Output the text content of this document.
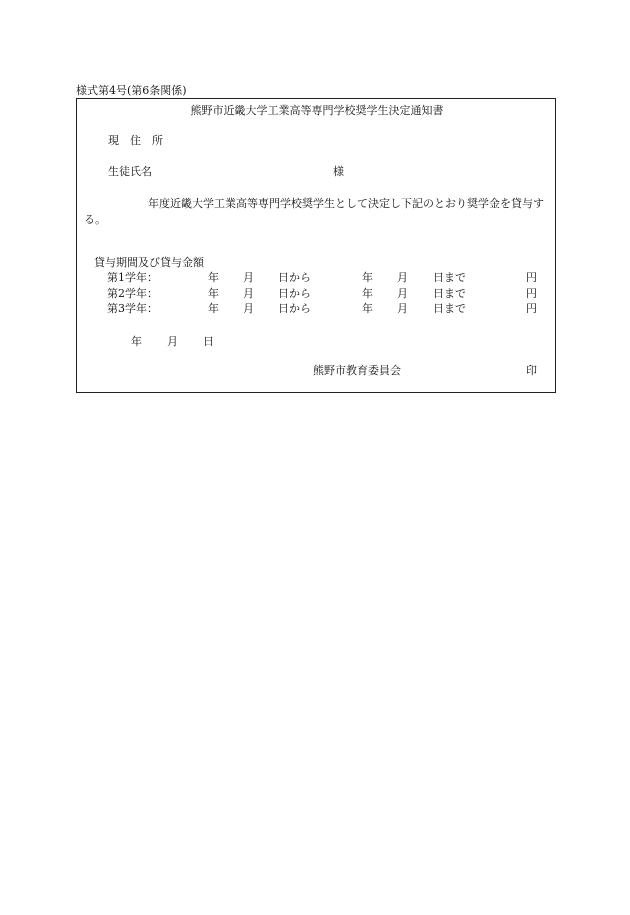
様式第4号(第6条関係)
熊野市近畿大学工業高等専門学校奨学生決定通知書
現　住　所
生徒氏名	様
年度近畿大学工業高等専門学校奨学生として決定し下記のとおり奨学金を貸与する。
貸与期間及び貸与金額
第1学年：	年 月 日から	年 月 日まで	円
第2学年：	年 月 日から	年 月 日まで	円
第3学年：	年 月 日から	年 月 日まで	円
年 月 日
熊野市教育委員会	印
